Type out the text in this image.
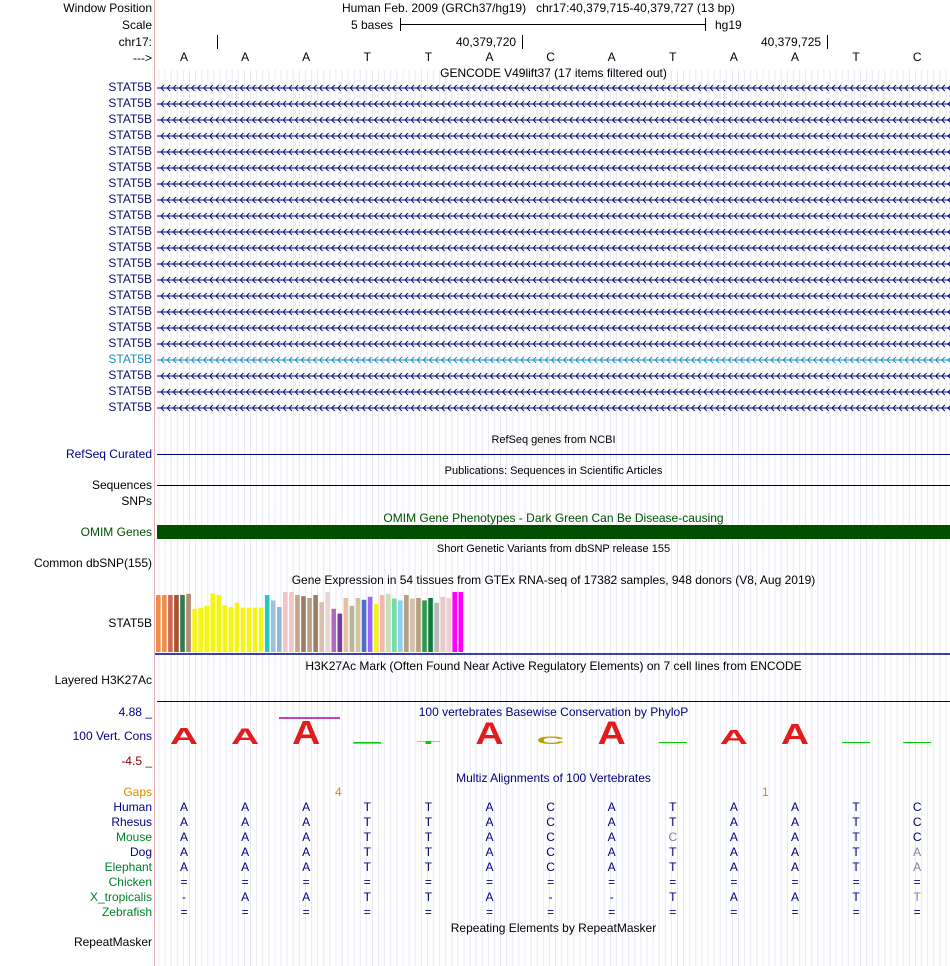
Window Position	Human Feb. 2009 (GRCh37/hg19)   chr17:40,379,715-40,379,727 (13 bp)
Scale	5 bases	hg19
chr17:	40,379,720	40,379,725
--->	A	A	A	T	T	A	C	A	T	A	A	T	C
GENCODE V49lift37 (17 items filtered out)
STAT5B
STAT5B
STAT5B
STAT5B
STAT5B
STAT5B
STAT5B
STAT5B
STAT5B
STAT5B
STAT5B
STAT5B
STAT5B
STAT5B
STAT5B
STAT5B
STAT5B
STAT5B
STAT5B
STAT5B
STAT5B
RefSeq genes from NCBI
RefSeq Curated
Publications: Sequences in Scientific Articles
Sequences
SNPs
OMIM Gene Phenotypes - Dark Green Can Be Disease-causing
OMIM Genes
Short Genetic Variants from dbSNP release 155
Common dbSNP(155)
Gene Expression in 54 tissues from GTEx RNA-seq of 17382 samples, 948 donors (V8, Aug 2019)
STAT5B
H3K27Ac Mark (Often Found Near Active Regulatory Elements) on 7 cell lines from ENCODE
Layered H3K27Ac
4.88 _	100 vertebrates Basewise Conservation by PhyloP
100 Vert. Cons
-4.5 _
A A A	T A C A	A A
Multiz Alignments of 100 Vertebrates
Gaps	4	1
Human	A	A	A	T	T	A	C	A	T	A	A	T	C
Rhesus	A	A	A	T	T	A	C	A	T	A	A	T	C
Mouse	A	A	A	T	T	A	C	A	C	A	A	T	C
Dog	A	A	A	T	T	A	C	A	T	A	A	T	A
Elephant	A	A	A	T	T	A	C	A	T	A	A	T	A
Chicken	=	=	=	=	=	=	=	=	=	=	=	=	=
X_tropicalis	-	A	A	T	T	A	-	-	T	A	A	T	T
Zebrafish	=	=	=	=	=	=	=	=	=	=	=	=	=
Repeating Elements by RepeatMasker
RepeatMasker
